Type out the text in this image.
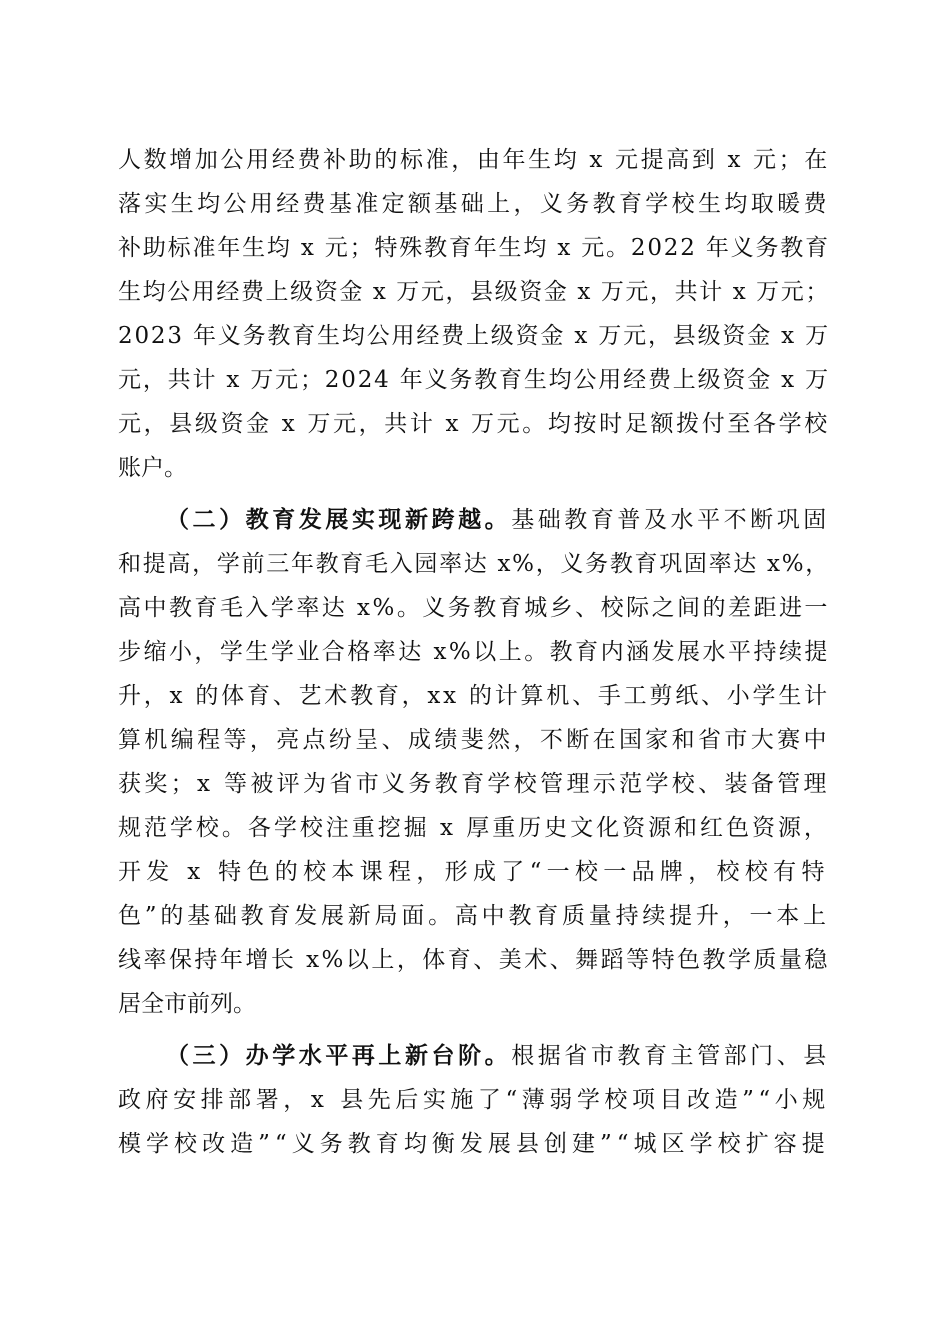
人数增加公用经费补助的标准，由年生均 x 元提高到 x 元；在
落实生均公用经费基准定额基础上，义务教育学校生均取暖费
补助标准年生均 x 元；特殊教育年生均 x 元。2022 年义务教育
生均公用经费上级资金 x 万元，县级资金 x 万元，共计 x 万元；
2023 年义务教育生均公用经费上级资金 x 万元，县级资金 x 万
元，共计 x 万元；2024 年义务教育生均公用经费上级资金 x 万
元，县级资金 x 万元，共计 x 万元。均按时足额拨付至各学校
账户。
（二）教育发展实现新跨越。基础教育普及水平不断巩固
和提高，学前三年教育毛入园率达 x%，义务教育巩固率达 x%，
高中教育毛入学率达 x%。义务教育城乡、校际之间的差距进一
步缩小，学生学业合格率达 x%以上。教育内涵发展水平持续提
升，x 的体育、艺术教育，xx 的计算机、手工剪纸、小学生计
算机编程等，亮点纷呈、成绩斐然，不断在国家和省市大赛中
获奖；x 等被评为省市义务教育学校管理示范学校、装备管理
规范学校。各学校注重挖掘 x 厚重历史文化资源和红色资源，
开发 x 特色的校本课程，形成了“一校一品牌，校校有特
色”的基础教育发展新局面。高中教育质量持续提升，一本上
线率保持年增长 x%以上，体育、美术、舞蹈等特色教学质量稳
居全市前列。
（三）办学水平再上新台阶。根据省市教育主管部门、县
政府安排部署，x 县先后实施了“薄弱学校项目改造”“小规
模学校改造”“义务教育均衡发展县创建”“城区学校扩容提
